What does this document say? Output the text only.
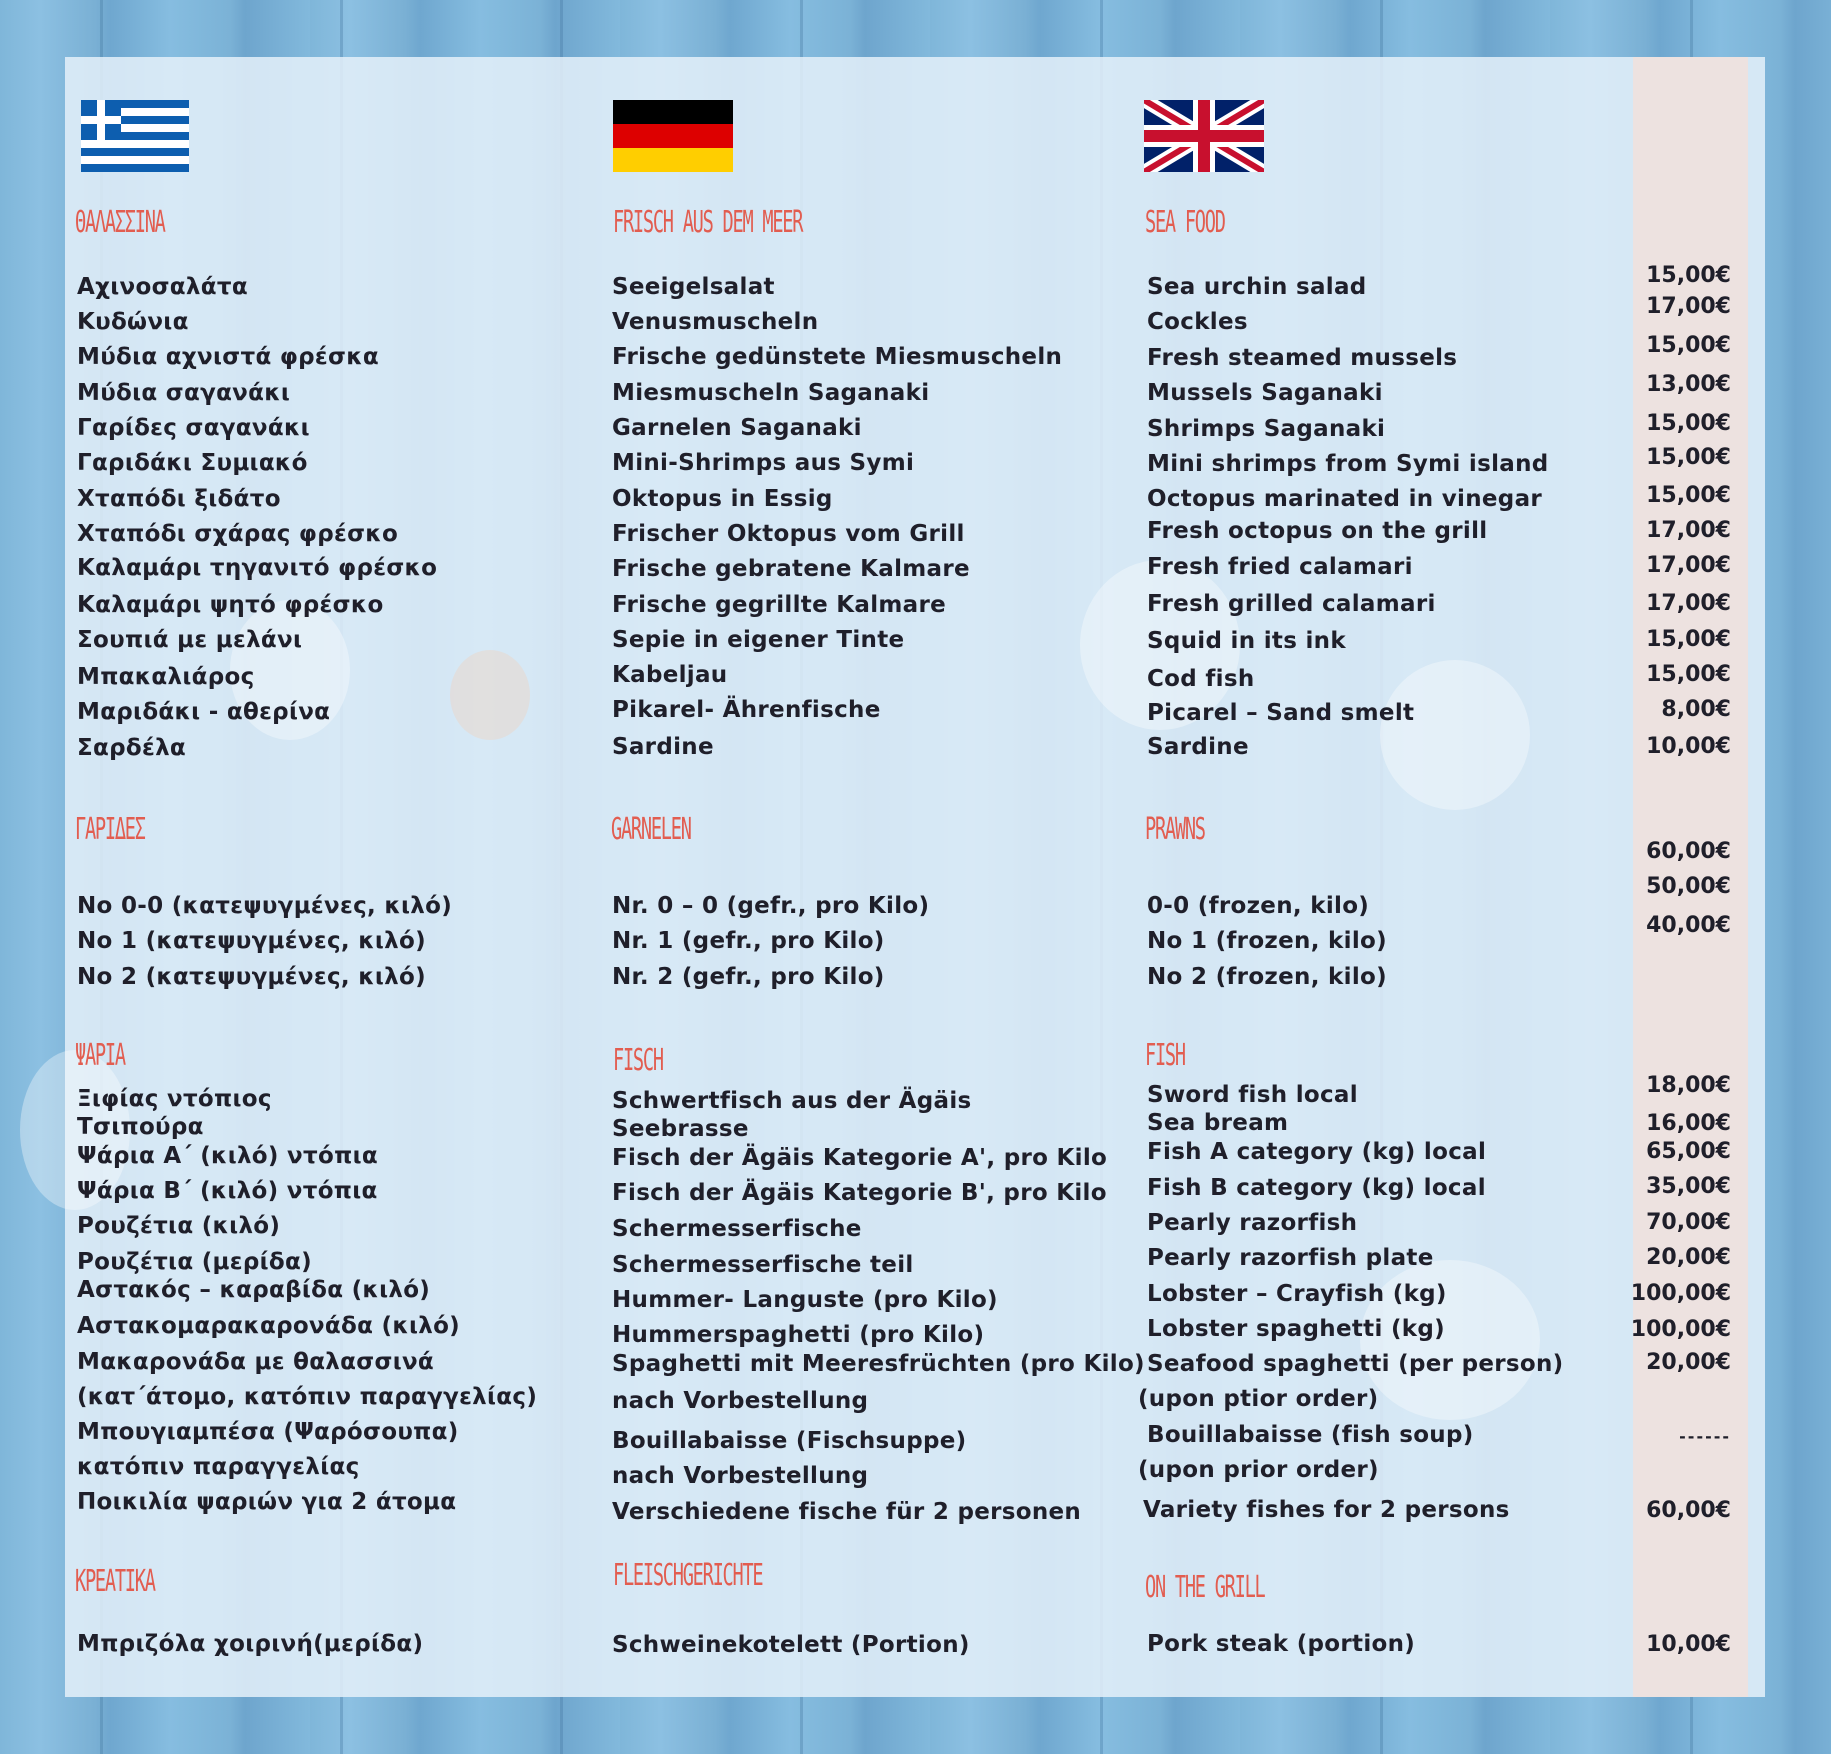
ΘΑΛΑΣΣΙΝΑ

Αχινοσαλάτα

Κυδώνια

Μύδια αχνιστά φρέσκα

Μύδια σαγανάκι

Γαρίδες σαγανάκι

Γαριδάκι Συμιακό

Χταπόδι ξιδάτο

Χταπόδι σχάρας φρέσκο

Καλαμάρι τηγανιτό φρέσκο

Καλαμάρι ψητό φρέσκο

Σουπιά με μελάνι

Μπακαλιάρος

Μαριδάκι - αθερίνα

Σαρδέλα

ΓΑΡΙΔΕΣ

No 0-0 (κατεψυγμένες, κιλό)

No 1 (κατεψυγμένες, κιλό)

No 2 (κατεψυγμένες, κιλό)

ΨΑΡΙΑ

Ξιφίας ντόπιος

Τσιπούρα

Ψάρια Α΄ (κιλό) ντόπια

Ψάρια Β΄ (κιλό) ντόπια

Ρουζέτια (κιλό)

Ρουζέτια (μερίδα)

Αστακός – καραβίδα (κιλό)

Αστακομαρακαρονάδα (κιλό)

Μακαρονάδα με θαλασσινά

(κατ΄άτομο, κατόπιν παραγγελίας)

Μπουγιαμπέσα (Ψαρόσουπα)

κατόπιν παραγγελίας

Ποικιλία ψαριών για 2 άτομα

ΚΡΕΑΤΙΚΑ

Μπριζόλα χοιρινή(μερίδα)

FRISCH AUS DEM MEER

Seeigelsalat

Venusmuscheln

Frische gedünstete Miesmuscheln

Miesmuscheln Saganaki

Garnelen Saganaki

Mini-Shrimps aus Symi

Oktopus in Essig

Frischer Oktopus vom Grill

Frische gebratene Kalmare

Frische gegrillte Kalmare

Sepie in eigener Tinte

Kabeljau

Pikarel- Ährenfische

Sardine

GARNELEN

Nr. 0 – 0 (gefr., pro Kilo)

Nr. 1 (gefr., pro Kilo)

Nr. 2 (gefr., pro Kilo)

FISCH

Schwertfisch aus der Ägäis

Seebrasse

Fisch der Ägäis Kategorie A', pro Kilo

Fisch der Ägäis Kategorie B', pro Kilo

Schermesserfische

Schermesserfische teil

Hummer- Languste (pro Kilo)

Hummerspaghetti (pro Kilo)

Spaghetti mit Meeresfrüchten (pro Kilo)

nach Vorbestellung

Bouillabaisse (Fischsuppe)

nach Vorbestellung

Verschiedene fische für 2 personen

FLEISCHGERICHTE

Schweinekotelett (Portion)

SEA FOOD

Sea urchin salad

Cockles

Fresh steamed mussels

Mussels Saganaki

Shrimps Saganaki

Mini shrimps from Symi island

Octopus marinated in vinegar

Fresh octopus on the grill

Fresh fried calamari

Fresh grilled calamari

Squid in its ink

Cod fish

Picarel – Sand smelt

Sardine

PRAWNS

0-0 (frozen, kilo)

No 1 (frozen, kilo)

No 2 (frozen, kilo)

FISH

Sword fish local

Sea bream

Fish A category (kg) local

Fish B category (kg) local

Pearly razorfish

Pearly razorfish plate

Lobster – Crayfish (kg)

Lobster spaghetti (kg)

Seafood spaghetti (per person)

(upon ptior order)

Bouillabaisse (fish soup)

(upon prior order)

Variety fishes for 2 persons

ON THE GRILL

Pork steak (portion)

15,00€

17,00€

15,00€

13,00€

15,00€

15,00€

15,00€

17,00€

17,00€

17,00€

15,00€

15,00€

8,00€

10,00€

60,00€

50,00€

40,00€

18,00€

16,00€

65,00€

35,00€

70,00€

20,00€

100,00€

100,00€

20,00€

------

60,00€

10,00€
